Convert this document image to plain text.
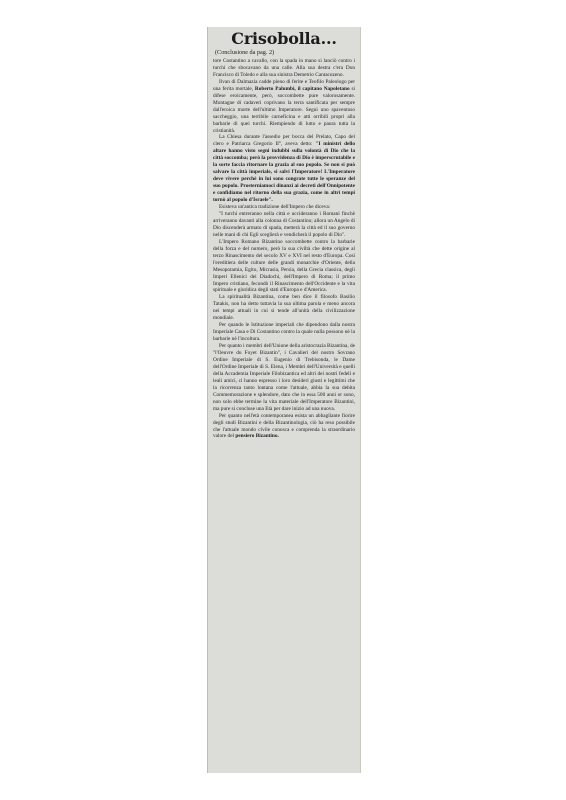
Crisobolla...
(Conclusione da pag. 2)

tore Costantino a cavallo, con la spada in mano si lanciò contro i turchi che sbocavano da una calle. Alla sua destra c'era Don Francisco di Toledo e alla sua sinistra Demetrio Cantacuzeno.

Ilvan di Dalmazia cadde pieno di ferite e Teofilo Paleologo per una ferita mortale, Roberto Palumbi, il capitano Napoletano si difese eroicamente, però, soccombette pure valorosamente. Montagne di cadaveri coprivano la terra santificata per sempre dall'eroica morte dell'ultimo Imperatore. Seguì uno spaventoso saccheggio, una terribile carneficina e atti orribili propri alla barbarie di quei turchi. Riempiendo di lutto e paura tutta la cristianità.

La Chiesa durante l'assedio per bocca del Prelato, Capo del clero e Patriarca Gregorio II°, aveva detto: "I ministri dello altare hanno visto segni indubbi sulla volontà di Dio che la città soccomba; però la provvidenza di Dio è imperscrutabile e la sorte faccia ritornare la grazia al suo popolo. Se non si può salvare la città imperiale, si salvi l'Imperatore! L'Imperatore deve vivere perchè in lui sono congrate tutte le speranze del suo popolo. Prosterniamoci dinanzi ai decreti dell'Onnipotente e confidiamo nel ritorno della sua grazia, come in altri tempi tornò al popolo d'Israele".

Esisteva un'antica tradizione dell'Impero che diceva:

"I turchi entreranno nella città e uccideranno i Romani finchè arriveranno davanti alla colonna di Costantino; allora un Angelo di Dio discenderà armato di spada, metterà la città ed il suo governo nelle mani di chi Egli sceglierà e vendicherà il popolo di Dio".

L'Impero Romano Bizantino soccombette contro la barbarie della forza e del numero, però la sua civiltà che dette origine al terzo Rinascimento del secolo XV e XVI nel resto d'Europa. Così l'ereditiera delle culture delle grandi monarchie d'Oriente, della Mesopotamia, Egito, Micrasia, Persia, della Grecia classica, degli Imperi Ellenici dei Diadochi, dell'Impero di Roma; il primo Impero cristiano, fecondò il Rinascimento dell'Occidente e la vita spirituale e giuridica degli stati d'Europa e d'America.

La spiritualità Bizantina, come ben dice il filosofo Basilio Tatakis, non ha detto tuttavia la sua ultima parola e meno ancora nei tempi attuali in cui si tende all'unità della civilizzazione mondiale.

Per quando le Istituzione imperiali che dipendono dalla nostra Imperiale Casa e Di Costantino contro la quale nulla possono nè la barbarie nè l'incoltura.

Per quanto i membri dell'Unione della aristocrazia Bizantina, de "l'Oeuvre du Foyet Bizantin", i Cavalieri del nostro Sovrano Ordine Imperiale di S. Eugenio di Trebisonda, le Dame dell'Ordine Imperiale di S. Elena, i Membri dell'Università e quelli della Accademia Imperiale Filobizantica ed altri dei nostri fedeli e leali amici, ci hanno espresso i loro desideri giusti e legittimi che la ricorrenza tanto lontana come l'attuale, abbia la sua debita Commemorazione e splendore, dato che in essa 500 anni or sono, non solo ebbe termine la vita materiale dell'Imperatore Bizantini, ma pure si concluse una Età per dare inizio ad una nuova.

Per quanto nell'età contemporanea esista un abbagliante fiorire degli studi Bizantini e della Bizantinologia, ciò ha reso possibile che l'attuale mondo civile conosca e comprenda la straordinario valore del pensiero Bizantino.
